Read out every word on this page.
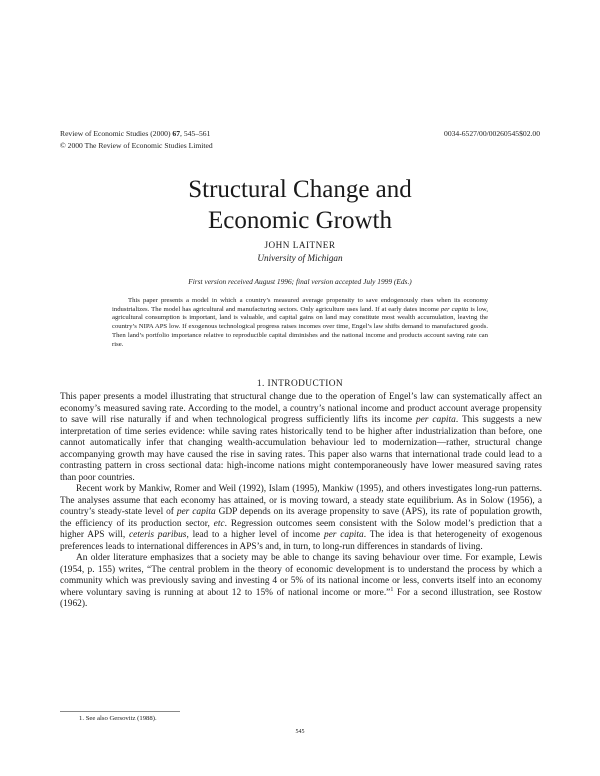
Review of Economic Studies (2000) 67, 545–561	0034-6527/00/00260545$02.00
© 2000 The Review of Economic Studies Limited
Structural Change and
Economic Growth
JOHN LAITNER
University of Michigan
First version received August 1996; final version accepted July 1999 (Eds.)

This paper presents a model in which a country’s measured average propensity to save endogenously rises when its economy industrializes. The model has agricultural and manufacturing sectors. Only agriculture uses land. If at early dates income per capita is low, agricultural consumption is important, land is valuable, and capital gains on land may constitute most wealth accumulation, leaving the country’s NIPA APS low. If exogenous technological progress raises incomes over time, Engel’s law shifts demand to manufactured goods. Then land’s portfolio importance relative to reproducible capital diminishes and the national income and products account saving rate can rise.

1. INTRODUCTION

This paper presents a model illustrating that structural change due to the operation of Engel’s law can systematically affect an economy’s measured saving rate. According to the model, a country’s national income and product account average propensity to save will rise naturally if and when technological progress sufficiently lifts its income per capita. This suggests a new interpretation of time series evidence: while saving rates historically tend to be higher after industrialization than before, one cannot automatically infer that changing wealth-accumulation behaviour led to modernization—rather, structural change accompanying growth may have caused the rise in saving rates. This paper also warns that international trade could lead to a contrasting pattern in cross sectional data: high-income nations might contemporaneously have lower measured saving rates than poor countries.

Recent work by Mankiw, Romer and Weil (1992), Islam (1995), Mankiw (1995), and others investigates long-run patterns. The analyses assume that each economy has attained, or is moving toward, a steady state equilibrium. As in Solow (1956), a country’s steady-state level of per capita GDP depends on its average propensity to save (APS), its rate of population growth, the efficiency of its production sector, etc. Regression outcomes seem consistent with the Solow model’s prediction that a higher APS will, ceteris paribus, lead to a higher level of income per capita. The idea is that heterogeneity of exogenous preferences leads to international differences in APS’s and, in turn, to long-run differences in standards of living.

An older literature emphasizes that a society may be able to change its saving behaviour over time. For example, Lewis (1954, p. 155) writes, “The central problem in the theory of economic development is to understand the process by which a community which was previously saving and investing 4 or 5% of its national income or less, converts itself into an economy where voluntary saving is running at about 12 to 15% of national income or more.”$^1$ For a second illustration, see Rostow (1962).

1. See also Gersovitz (1988).
545
